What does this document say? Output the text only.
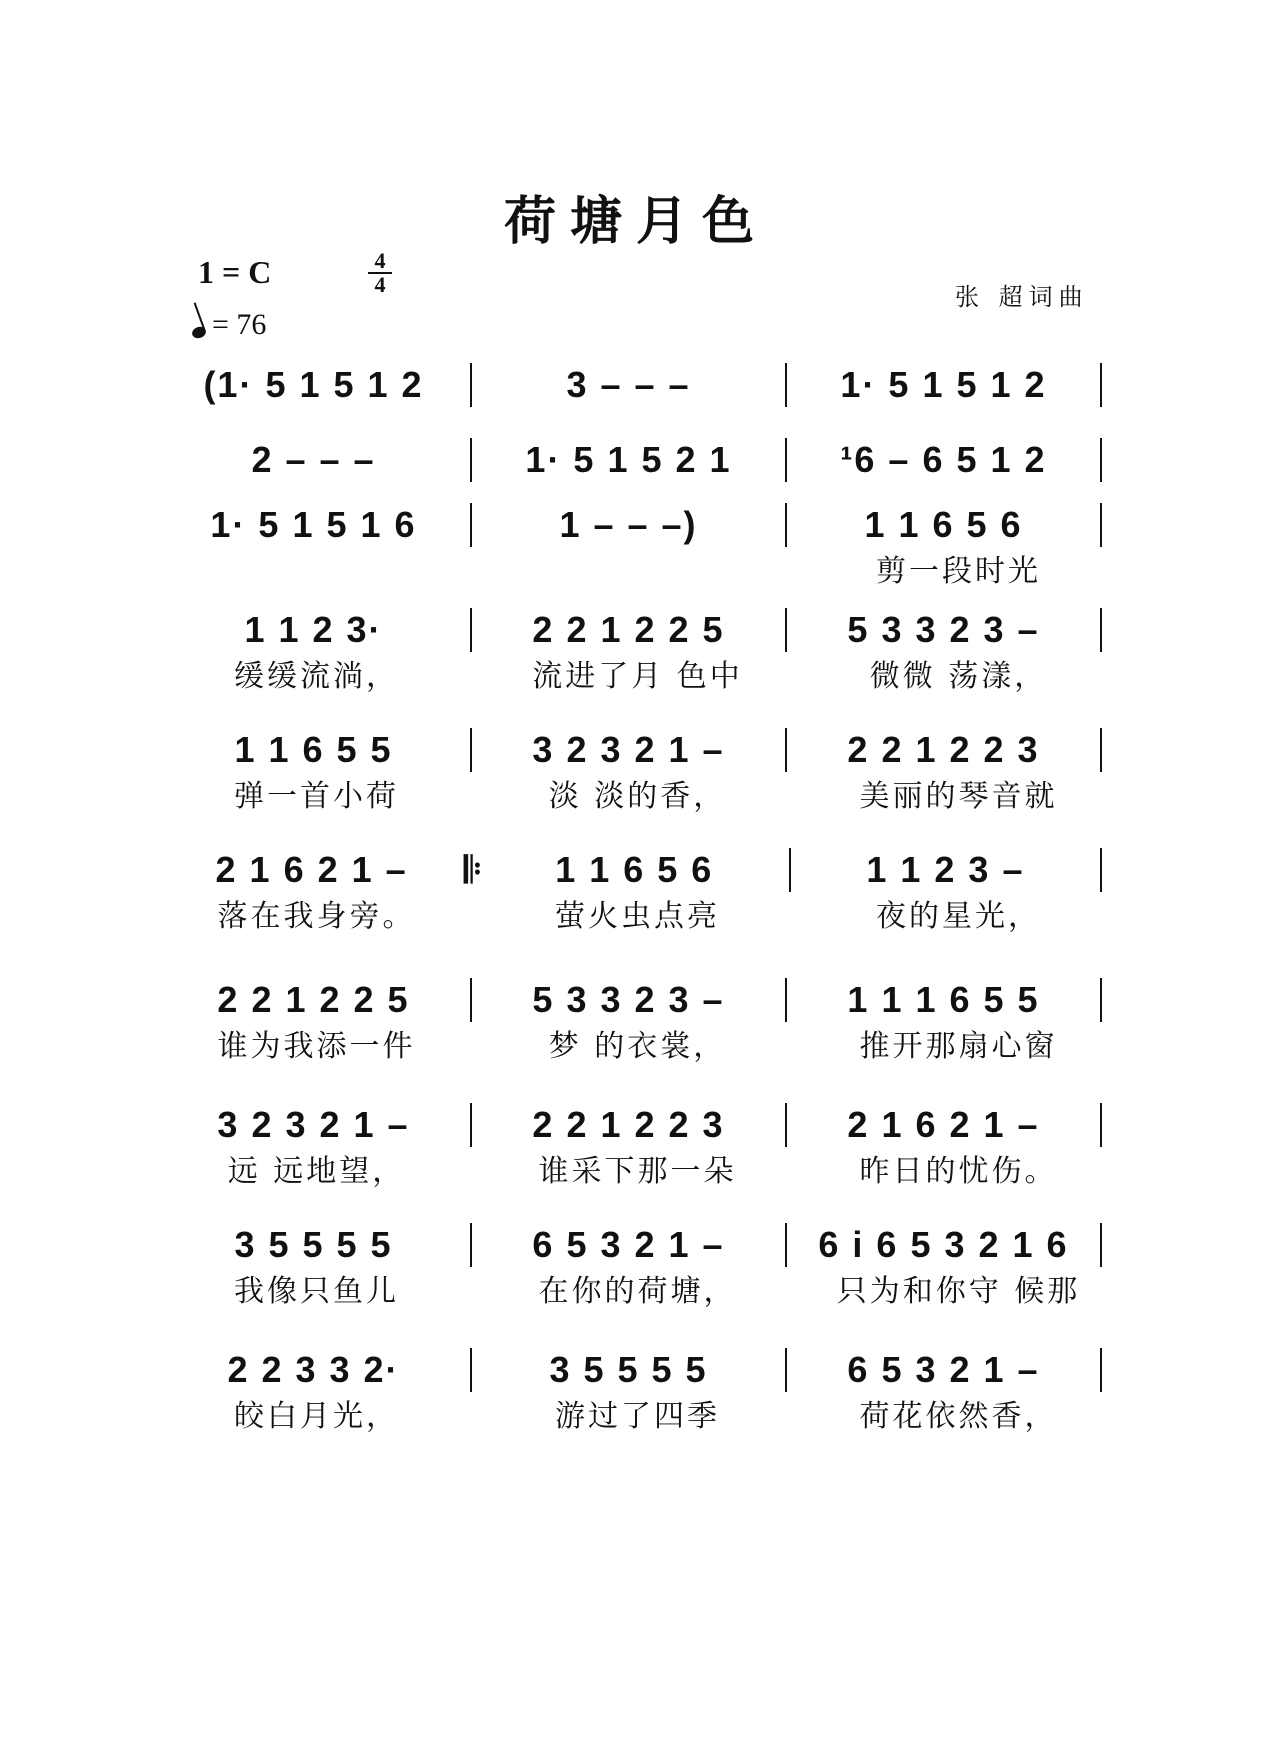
荷塘月色
1 = C	4
4
= 76
张 超词曲
(1· 5 1 5 1 2	3 – – –	1· 5 1 5 1 2
2 – – –	1· 5 1 5 2 1	¹6 – 6 5 1 2
1· 5 1 5 1 6	1 – – –)	1 1 6 5 6
剪一段时光
1 1 2 3·	2 2 1 2 2 5	5 3 3 2 3 –
缓缓流淌，	流进了月 色中	微微 荡漾，
1 1 6 5 5	3 2 3 2 1 –	2 2 1 2 2 3
弹一首小荷	淡 淡的香，	美丽的琴音就
2 1 6 2 1 –	𝄆	1 1 6 5 6	1 1 2 3 –
落在我身旁。	萤火虫点亮	夜的星光，
2 2 1 2 2 5	5 3 3 2 3 –	1 1 1 6 5 5
谁为我添一件	梦 的衣裳，	推开那扇心窗
3 2 3 2 1 –	2 2 1 2 2 3	2 1 6 2 1 –
远 远地望，	谁采下那一朵	昨日的忧伤。
3 5 5 5 5	6 5 3 2 1 –	6 i 6 5 3 2 1 6
我像只鱼儿	在你的荷塘，	只为和你守 候那
2 2 3 3 2·	3 5 5 5 5	6 5 3 2 1 –
皎白月光，	游过了四季	荷花依然香，
